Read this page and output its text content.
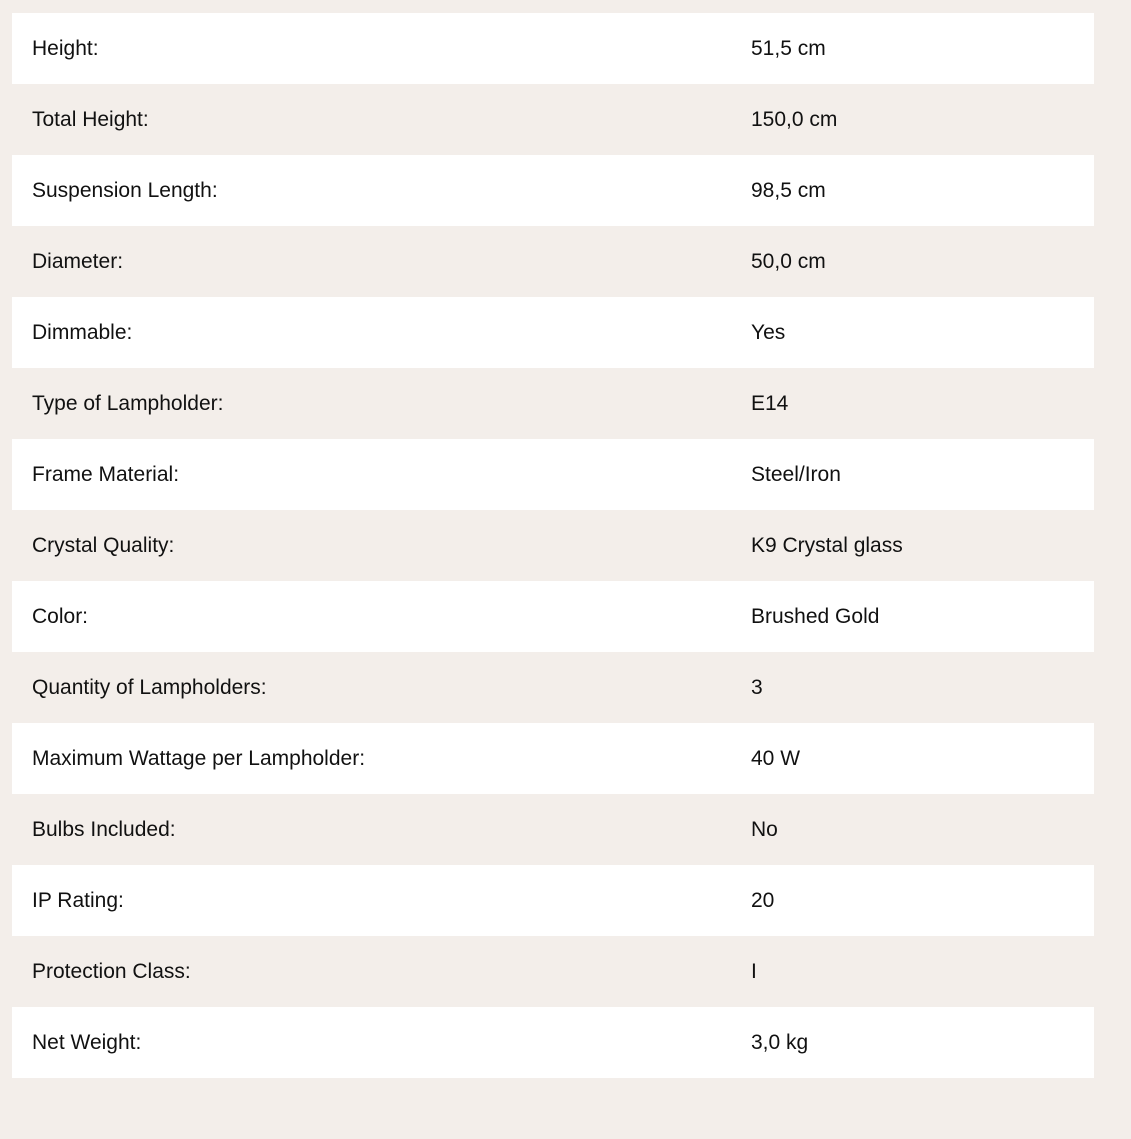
Height:	51,5 cm
Total Height:	150,0 cm
Suspension Length:	98,5 cm
Diameter:	50,0 cm
Dimmable:	Yes
Type of Lampholder:	E14
Frame Material:	Steel/Iron
Crystal Quality:	K9 Crystal glass
Color:	Brushed Gold
Quantity of Lampholders:	3
Maximum Wattage per Lampholder:	40 W
Bulbs Included:	No
IP Rating:	20
Protection Class:	I
Net Weight:	3,0 kg
